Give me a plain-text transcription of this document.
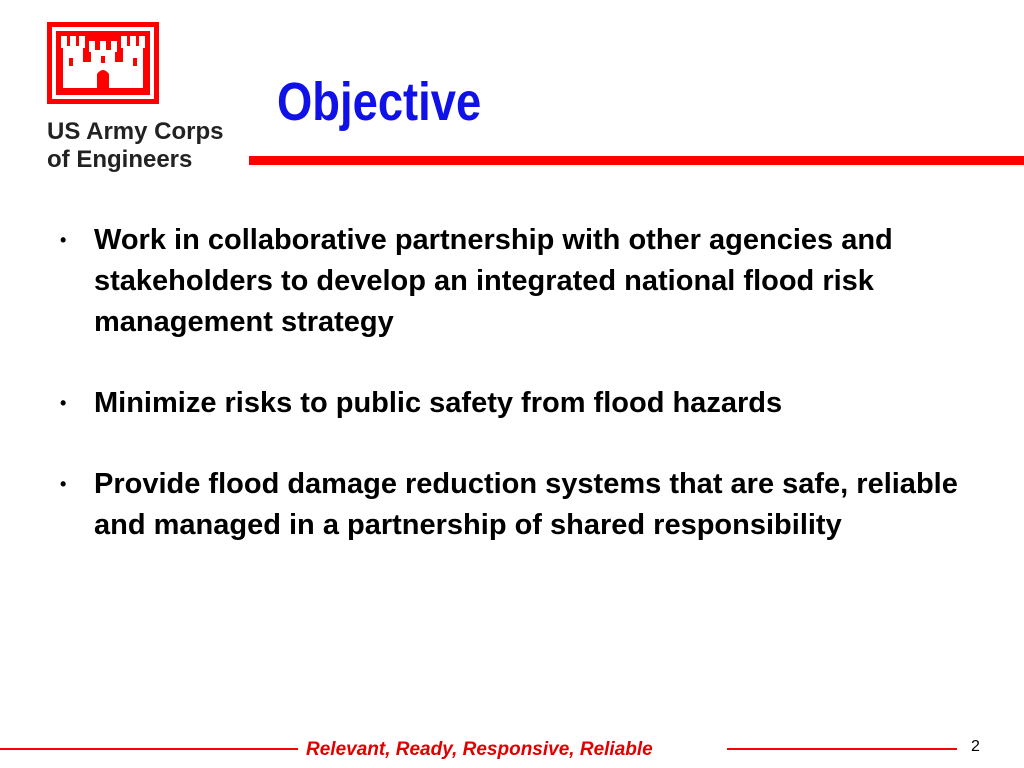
US Army Corps
of Engineers
Objective
• Work in collaborative partnership with other agencies and stakeholders to develop an integrated national flood risk management strategy
• Minimize risks to public safety from flood hazards
• Provide flood damage reduction systems that are safe, reliable and managed in a partnership of shared responsibility
Relevant, Ready, Responsive, Reliable	2
